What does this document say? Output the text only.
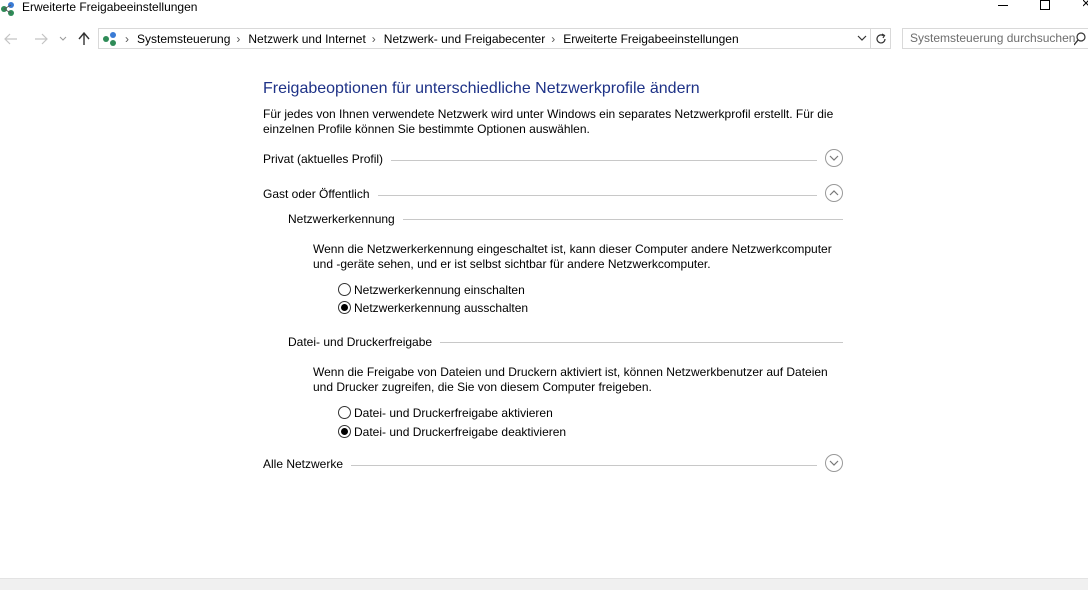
Erweiterte Freigabeeinstellungen
› Systemsteuerung › Netzwerk und Internet › Netzwerk- und Freigabecenter › Erweiterte Freigabeeinstellungen	Systemsteuerung durchsuchen
Freigabeoptionen für unterschiedliche Netzwerkprofile ändern
Für jedes von Ihnen verwendete Netzwerk wird unter Windows ein separates Netzwerkprofil erstellt. Für die einzelnen Profile können Sie bestimmte Optionen auswählen.
Privat (aktuelles Profil)
Gast oder Öffentlich
Netzwerkerkennung
Wenn die Netzwerkerkennung eingeschaltet ist, kann dieser Computer andere Netzwerkcomputer und -geräte sehen, und er ist selbst sichtbar für andere Netzwerkcomputer.
Netzwerkerkennung einschalten
Netzwerkerkennung ausschalten
Datei- und Druckerfreigabe
Wenn die Freigabe von Dateien und Druckern aktiviert ist, können Netzwerkbenutzer auf Dateien und Drucker zugreifen, die Sie von diesem Computer freigeben.
Datei- und Druckerfreigabe aktivieren
Datei- und Druckerfreigabe deaktivieren
Alle Netzwerke
